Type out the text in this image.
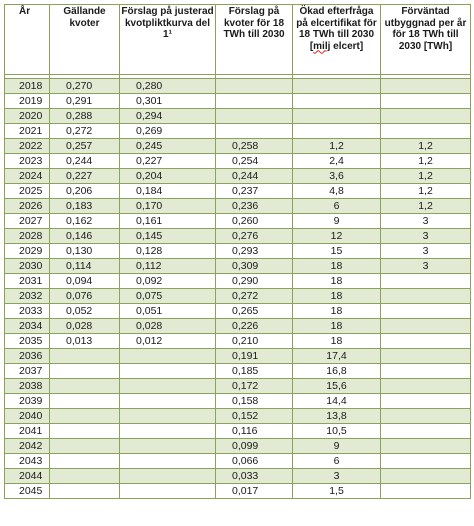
År	Gällande kvoter	Förslag på justerad kvotpliktkurva del 1¹	Förslag på kvoter för 18 TWh till 2030	Ökad efterfråga på elcertifikat för 18 TWh till 2030 [milj elcert]	Förväntad utbyggnad per år för 18 TWh till 2030 [TWh]

2018	0,270	0,280			
2019	0,291	0,301			
2020	0,288	0,294			
2021	0,272	0,269			
2022	0,257	0,245	0,258	1,2	1,2
2023	0,244	0,227	0,254	2,4	1,2
2024	0,227	0,204	0,244	3,6	1,2
2025	0,206	0,184	0,237	4,8	1,2
2026	0,183	0,170	0,236	6	1,2
2027	0,162	0,161	0,260	9	3
2028	0,146	0,145	0,276	12	3
2029	0,130	0,128	0,293	15	3
2030	0,114	0,112	0,309	18	3
2031	0,094	0,092	0,290	18	
2032	0,076	0,075	0,272	18	
2033	0,052	0,051	0,265	18	
2034	0,028	0,028	0,226	18	
2035	0,013	0,012	0,210	18	
2036			0,191	17,4	
2037			0,185	16,8	
2038			0,172	15,6	
2039			0,158	14,4	
2040			0,152	13,8	
2041			0,116	10,5	
2042			0,099	9	
2043			0,066	6	
2044			0,033	3	
2045			0,017	1,5	
